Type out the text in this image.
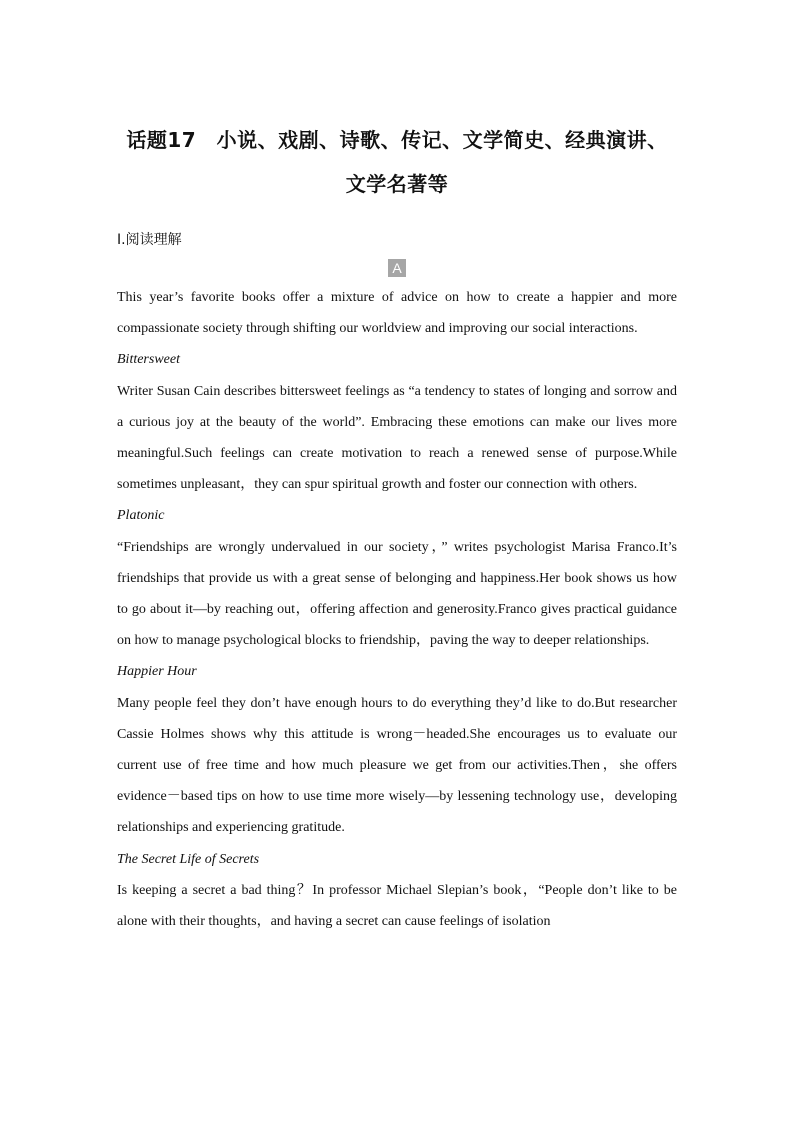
话题17　小说、戏剧、诗歌、传记、文学简史、经典演讲、

文学名著等

Ⅰ.阅读理解
A

This year’s favorite books offer a mixture of advice on how to create a happier and more compassionate society through shifting our worldview and improving our social interactions.

Bittersweet

Writer Susan Cain describes bittersweet feelings as “a tendency to states of longing and sorrow and a curious joy at the beauty of the world”. Embracing these emotions can make our lives more meaningful.Such feelings can create motivation to reach a renewed sense of purpose.While sometimes unpleasant，they can spur spiritual growth and foster our connection with others.

Platonic

“Friendships are wrongly undervalued in our society，” writes psychologist Marisa Franco.It’s friendships that provide us with a great sense of belonging and happiness.Her book shows us how to go about it—by reaching out，offering affection and generosity.Franco gives practical guidance on how to manage psychological blocks to friendship，paving the way to deeper relationships.

Happier Hour

Many people feel they don’t have enough hours to do everything they’d like to do.But researcher Cassie Holmes shows why this attitude is wrong－headed.She encourages us to evaluate our current use of free time and how much pleasure we get from our activities.Then，she offers evidence－based tips on how to use time more wisely—by lessening technology use，developing relationships and experiencing gratitude.

The Secret Life of Secrets

Is keeping a secret a bad thing？In professor Michael Slepian’s book，“People don’t like to be alone with their thoughts，and having a secret can cause feelings of isolation
